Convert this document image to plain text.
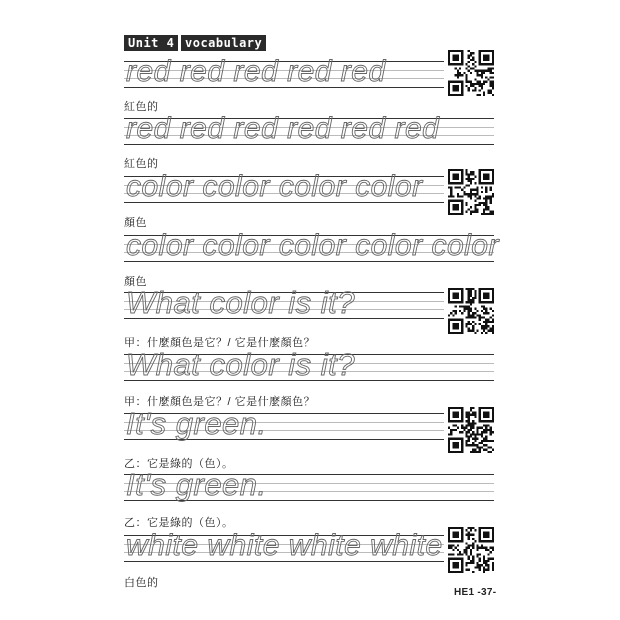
Unit 4 vocabulary
red red red red red
紅色的
red red red red red red
紅色的
color color color color
顏色
color color color color color
顏色
What color is it?
甲：什麼顏色是它？/ 它是什麼顏色？
What color is it?
甲：什麼顏色是它？/ 它是什麼顏色？
It's green.
乙：它是綠的（色）。
It's green.
乙：它是綠的（色）。
white white white white
白色的
HE1 -37-
